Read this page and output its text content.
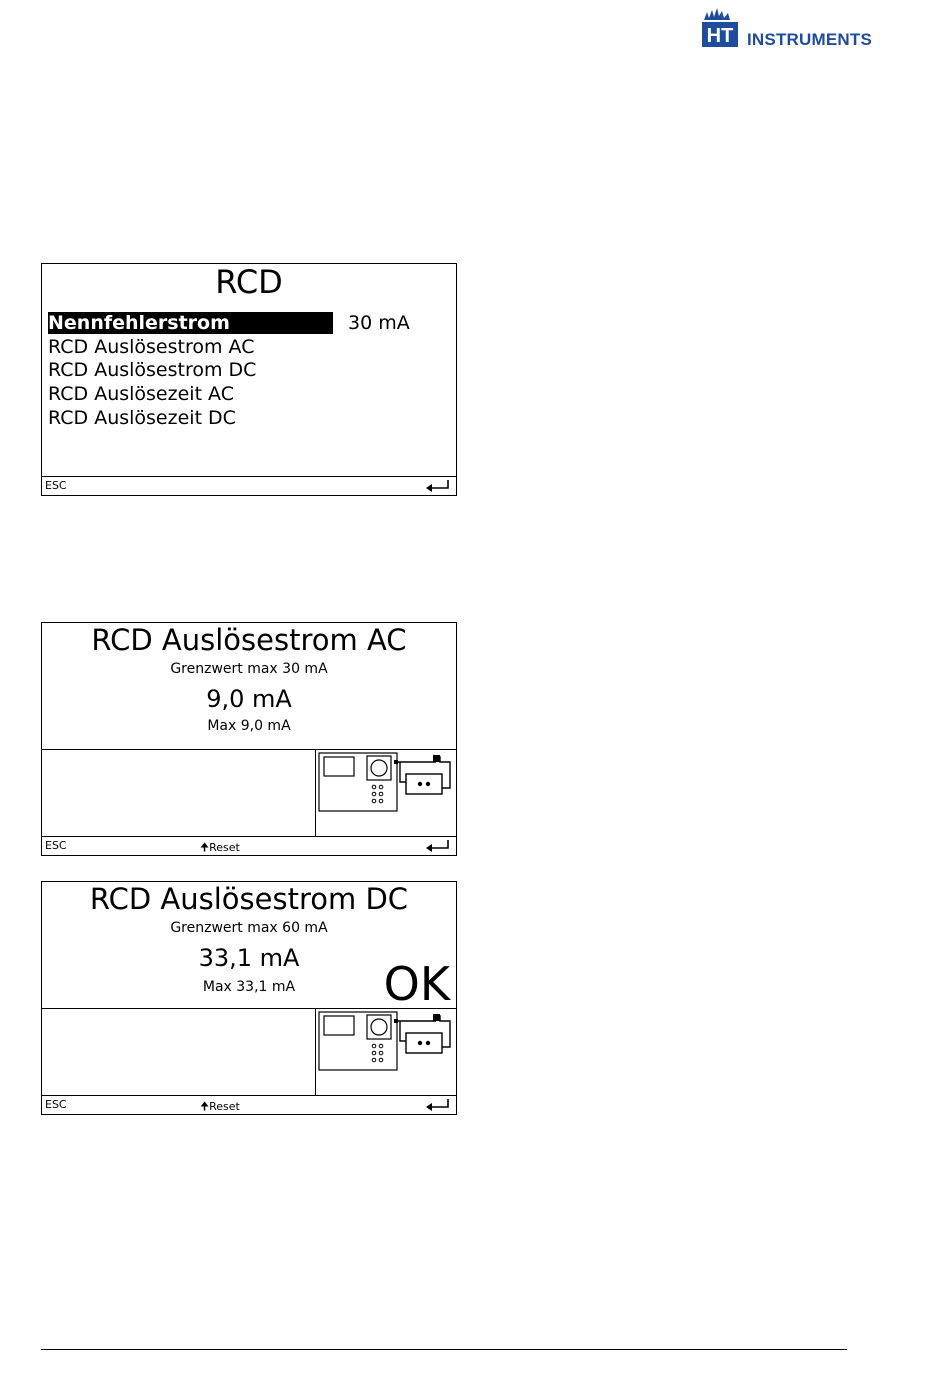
HT INSTRUMENTS
RCD
Nennfehlerstrom	30 mA
RCD Auslösestrom AC
RCD Auslösestrom DC
RCD Auslösezeit AC
RCD Auslösezeit DC
ESC
RCD Auslösestrom AC
Grenzwert max 30 mA
9,0 mA
Max 9,0 mA
ESC	🠉Reset
RCD Auslösestrom DC
Grenzwert max 60 mA
33,1 mA
Max 33,1 mA	OK
ESC	🠉Reset
